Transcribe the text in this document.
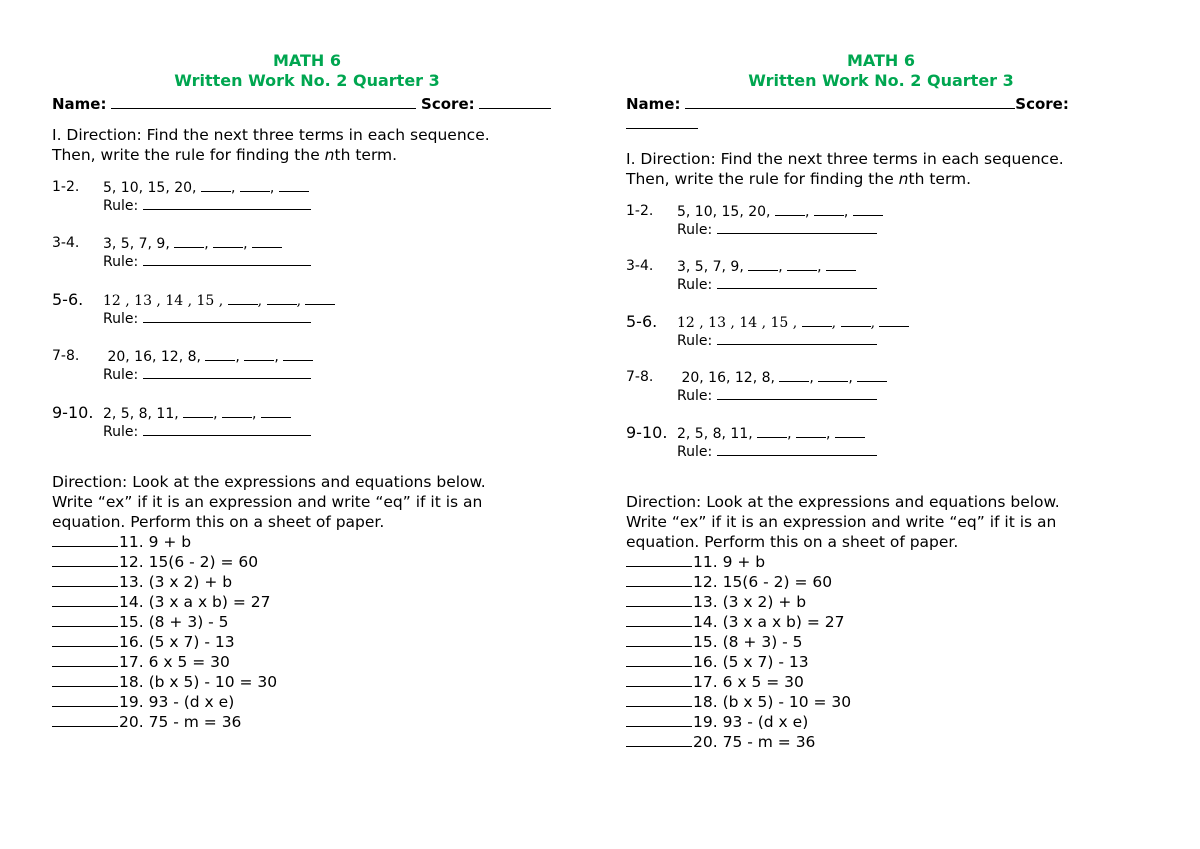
MATH 6
Written Work No. 2 Quarter 3
Name:	Score:
I. Direction: Find the next three terms in each sequence.
Then, write the rule for finding the nth term.
1-2. 5, 10, 15, 20, , ,
Rule:
3-4. 3, 5, 7, 9, , ,
Rule:
5-6. 12 , 13 , 14 , 15 , , ,
Rule:
7-8. 20, 16, 12, 8, , ,
Rule:
9-10. 2, 5, 8, 11, , ,
Rule:
Direction: Look at the expressions and equations below.
Write “ex” if it is an expression and write “eq” if it is an
equation. Perform this on a sheet of paper.
11. 9 + b
12. 15(6 - 2) = 60
13. (3 x 2) + b
14. (3 x a x b) = 27
15. (8 + 3) - 5
16. (5 x 7) - 13
17. 6 x 5 = 30
18. (b x 5) - 10 = 30
19. 93 - (d x e)
20. 75 - m = 36
MATH 6
Written Work No. 2 Quarter 3
Name:	Score:
I. Direction: Find the next three terms in each sequence.
Then, write the rule for finding the nth term.
1-2. 5, 10, 15, 20, , ,
Rule:
3-4. 3, 5, 7, 9, , ,
Rule:
5-6. 12 , 13 , 14 , 15 , , ,
Rule:
7-8. 20, 16, 12, 8, , ,
Rule:
9-10. 2, 5, 8, 11, , ,
Rule:
Direction: Look at the expressions and equations below.
Write “ex” if it is an expression and write “eq” if it is an
equation. Perform this on a sheet of paper.
11. 9 + b
12. 15(6 - 2) = 60
13. (3 x 2) + b
14. (3 x a x b) = 27
15. (8 + 3) - 5
16. (5 x 7) - 13
17. 6 x 5 = 30
18. (b x 5) - 10 = 30
19. 93 - (d x e)
20. 75 - m = 36
